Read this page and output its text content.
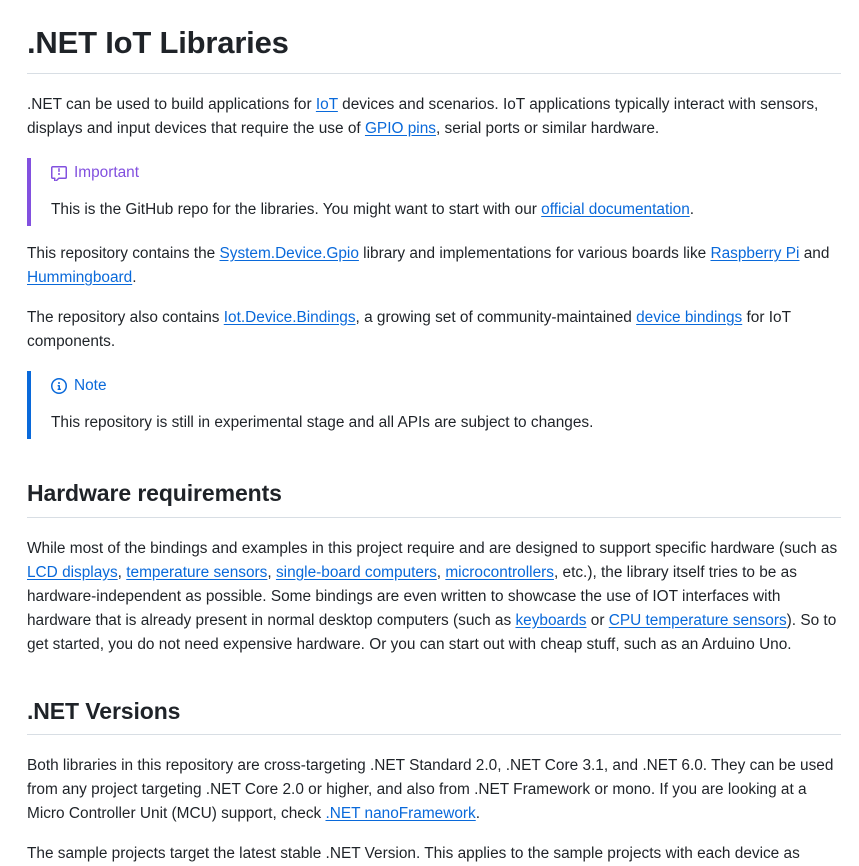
.NET IoT Libraries

.NET can be used to build applications for IoT devices and scenarios. IoT applications typically interact with sensors, displays and input devices that require the use of GPIO pins, serial ports or similar hardware.

Important

This is the GitHub repo for the libraries. You might want to start with our official documentation.

This repository contains the System.Device.Gpio library and implementations for various boards like Raspberry Pi and Hummingboard.

The repository also contains Iot.Device.Bindings, a growing set of community-maintained device bindings for IoT components.

Note

This repository is still in experimental stage and all APIs are subject to changes.

Hardware requirements

While most of the bindings and examples in this project require and are designed to support specific hardware (such as LCD displays, temperature sensors, single-board computers, microcontrollers, etc.), the library itself tries to be as hardware-independent as possible. Some bindings are even written to showcase the use of IOT interfaces with hardware that is already present in normal desktop computers (such as keyboards or CPU temperature sensors). So to get started, you do not need expensive hardware. Or you can start out with cheap stuff, such as an Arduino Uno.

.NET Versions

Both libraries in this repository are cross-targeting .NET Standard 2.0, .NET Core 3.1, and .NET 6.0. They can be used from any project targeting .NET Core 2.0 or higher, and also from .NET Framework or mono. If you are looking at a Micro Controller Unit (MCU) support, check .NET nanoFramework.

The sample projects target the latest stable .NET Version. This applies to the sample projects with each device as
